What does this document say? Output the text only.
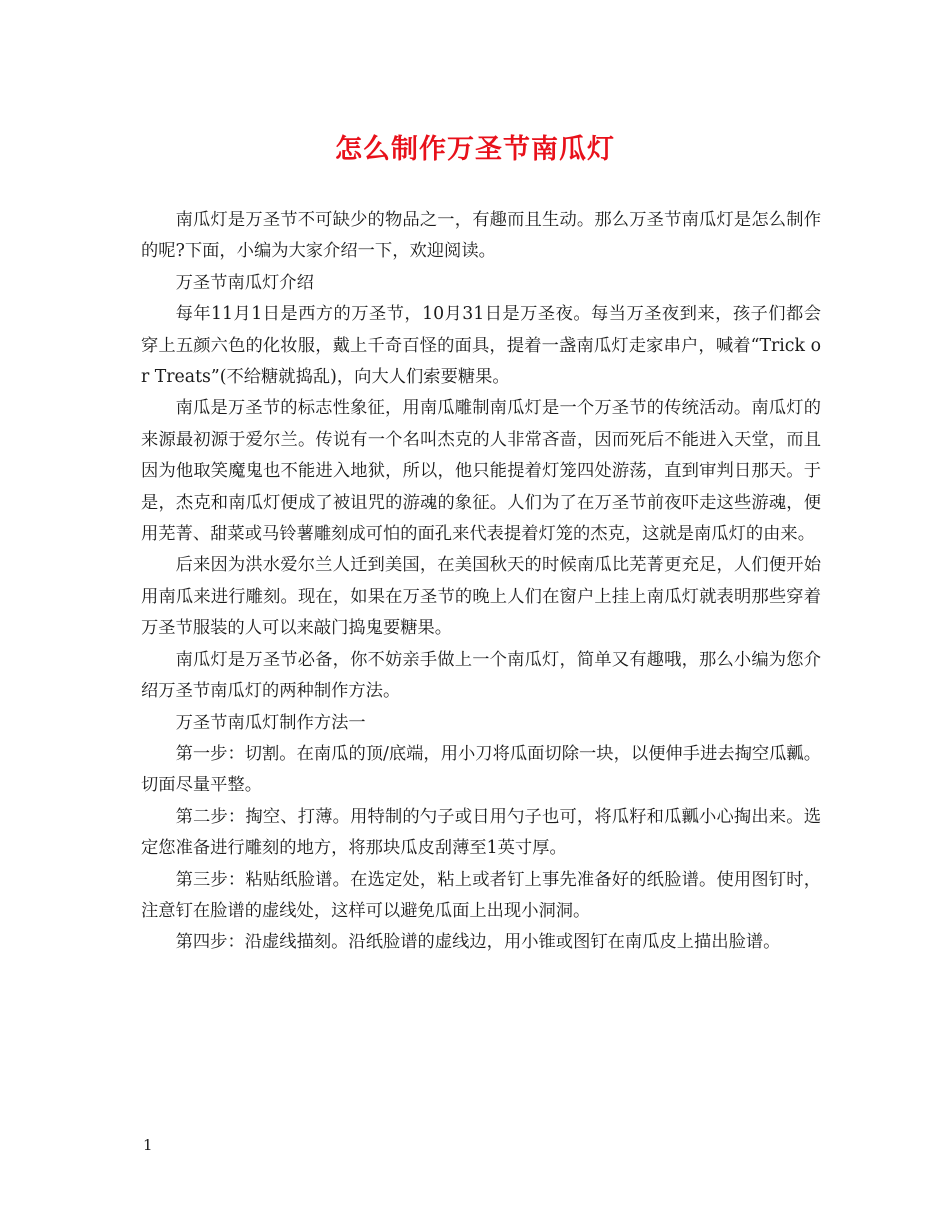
怎么制作万圣节南瓜灯

南瓜灯是万圣节不可缺少的物品之一，有趣而且生动。那么万圣节南瓜灯是怎么制作的呢?下面，小编为大家介绍一下，欢迎阅读。

万圣节南瓜灯介绍

每年11月1日是西方的万圣节，10月31日是万圣夜。每当万圣夜到来，孩子们都会穿上五颜六色的化妆服，戴上千奇百怪的面具，提着一盏南瓜灯走家串户，喊着“Trick or Treats”(不给糖就捣乱)，向大人们索要糖果。

南瓜是万圣节的标志性象征，用南瓜雕制南瓜灯是一个万圣节的传统活动。南瓜灯的来源最初源于爱尔兰。传说有一个名叫杰克的人非常吝啬，因而死后不能进入天堂，而且因为他取笑魔鬼也不能进入地狱，所以，他只能提着灯笼四处游荡，直到审判日那天。于是，杰克和南瓜灯便成了被诅咒的游魂的象征。人们为了在万圣节前夜吓走这些游魂，便用芜菁、甜菜或马铃薯雕刻成可怕的面孔来代表提着灯笼的杰克，这就是南瓜灯的由来。

后来因为洪水爱尔兰人迁到美国，在美国秋天的时候南瓜比芜菁更充足，人们便开始用南瓜来进行雕刻。现在，如果在万圣节的晚上人们在窗户上挂上南瓜灯就表明那些穿着万圣节服装的人可以来敲门捣鬼要糖果。

南瓜灯是万圣节必备，你不妨亲手做上一个南瓜灯，简单又有趣哦，那么小编为您介绍万圣节南瓜灯的两种制作方法。

万圣节南瓜灯制作方法一

第一步：切割。在南瓜的顶/底端，用小刀将瓜面切除一块，以便伸手进去掏空瓜瓤。切面尽量平整。

第二步：掏空、打薄。用特制的勺子或日用勺子也可，将瓜籽和瓜瓤小心掏出来。选定您准备进行雕刻的地方，将那块瓜皮刮薄至1英寸厚。

第三步：粘贴纸脸谱。在选定处，粘上或者钉上事先准备好的纸脸谱。使用图钉时，注意钉在脸谱的虚线处，这样可以避免瓜面上出现小洞洞。

第四步：沿虚线描刻。沿纸脸谱的虚线边，用小锥或图钉在南瓜皮上描出脸谱。

1
